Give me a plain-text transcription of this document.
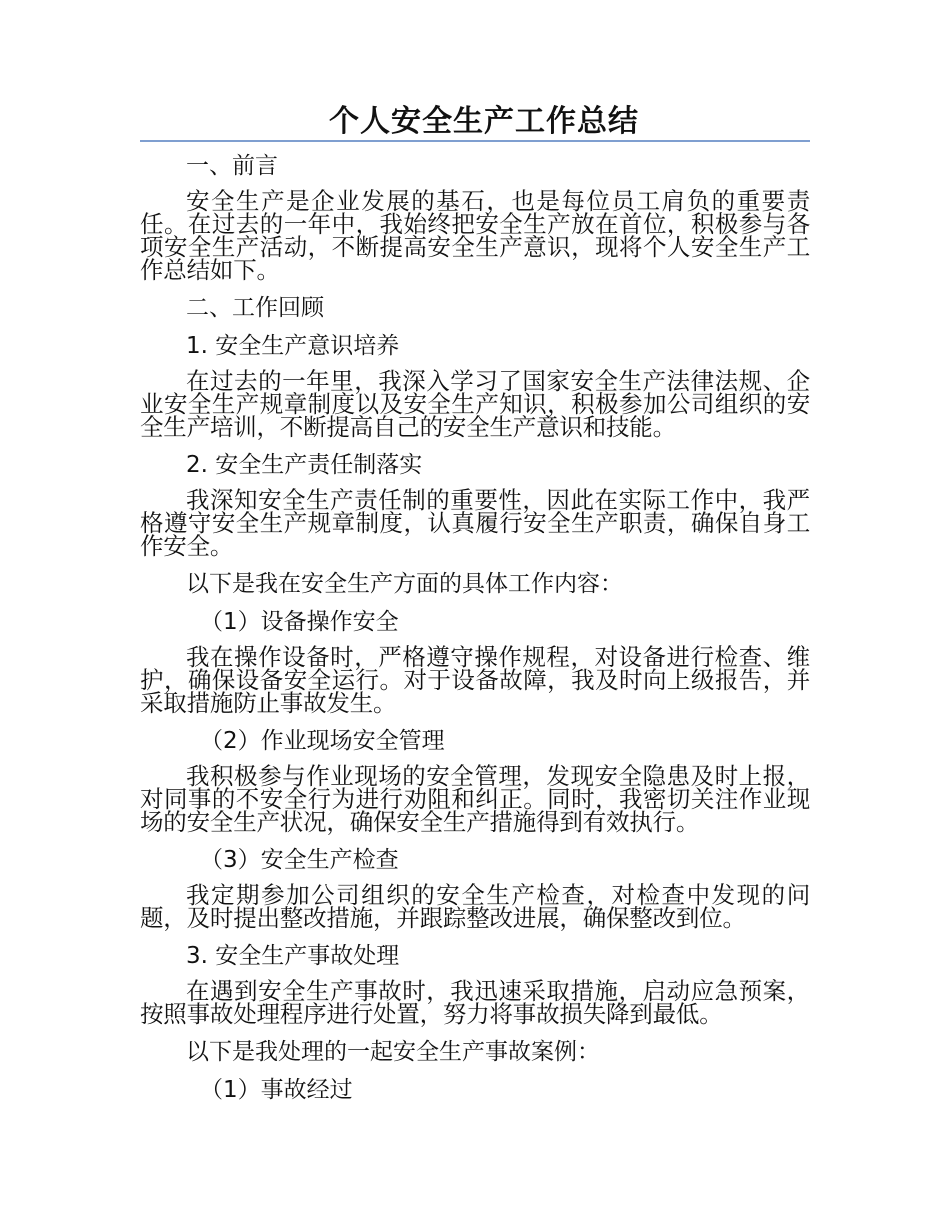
个人安全生产工作总结
一、前言

安全生产是企业发展的基石，也是每位员工肩负的重要责任。在过去的一年中，我始终把安全生产放在首位，积极参与各项安全生产活动，不断提高安全生产意识，现将个人安全生产工作总结如下。

二、工作回顾
1. 安全生产意识培养

在过去的一年里，我深入学习了国家安全生产法律法规、企业安全生产规章制度以及安全生产知识，积极参加公司组织的安全生产培训，不断提高自己的安全生产意识和技能。

2. 安全生产责任制落实

我深知安全生产责任制的重要性，因此在实际工作中，我严格遵守安全生产规章制度，认真履行安全生产职责，确保自身工作安全。

以下是我在安全生产方面的具体工作内容：
（1）设备操作安全

我在操作设备时，严格遵守操作规程，对设备进行检查、维护，确保设备安全运行。对于设备故障，我及时向上级报告，并采取措施防止事故发生。

（2）作业现场安全管理

我积极参与作业现场的安全管理，发现安全隐患及时上报，对同事的不安全行为进行劝阻和纠正。同时，我密切关注作业现场的安全生产状况，确保安全生产措施得到有效执行。

（3）安全生产检查

我定期参加公司组织的安全生产检查，对检查中发现的问题，及时提出整改措施，并跟踪整改进展，确保整改到位。

3. 安全生产事故处理

在遇到安全生产事故时，我迅速采取措施，启动应急预案，按照事故处理程序进行处置，努力将事故损失降到最低。

以下是我处理的一起安全生产事故案例：
（1）事故经过
